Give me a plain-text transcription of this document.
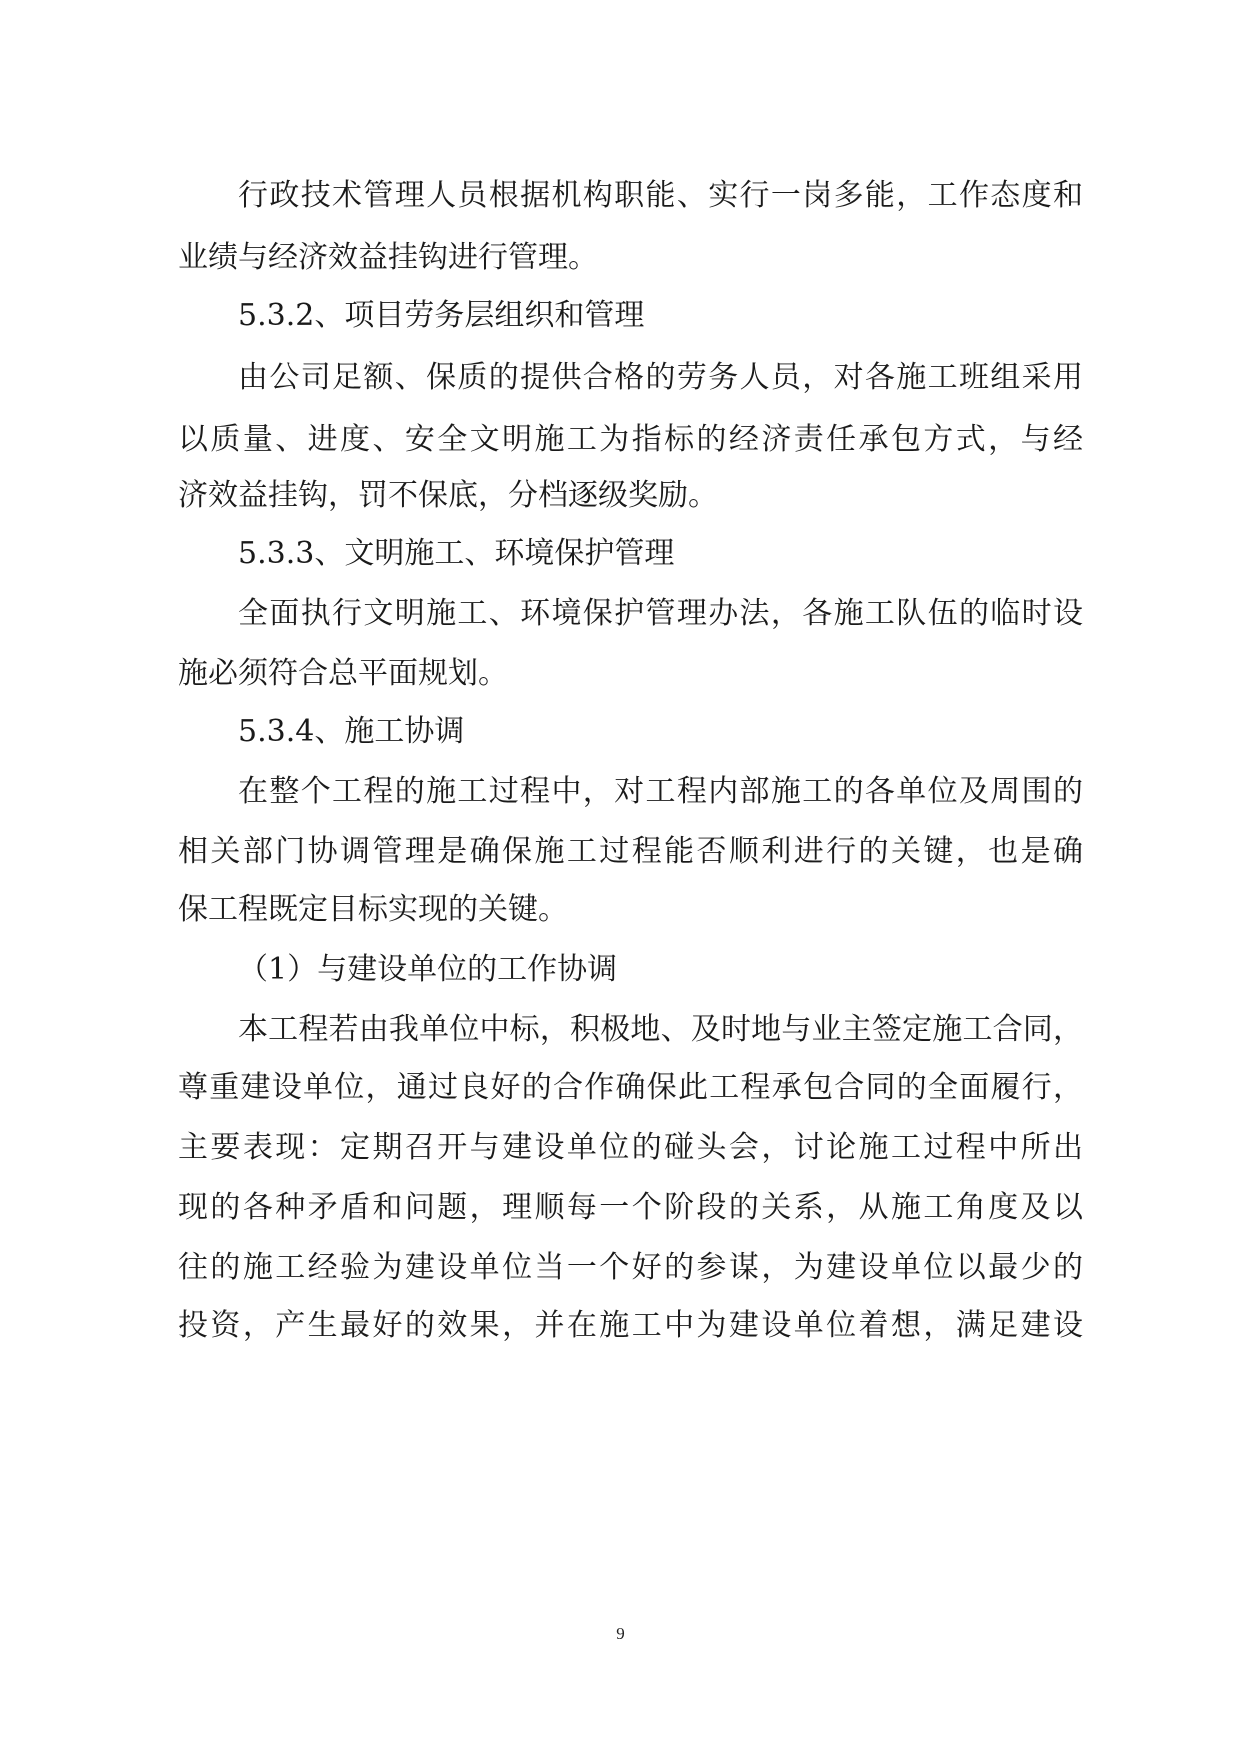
行政技术管理人员根据机构职能、实行一岗多能，工作态度和
业绩与经济效益挂钩进行管理。
5.3.2、项目劳务层组织和管理
由公司足额、保质的提供合格的劳务人员，对各施工班组采用
以质量、进度、安全文明施工为指标的经济责任承包方式，与经
济效益挂钩，罚不保底，分档逐级奖励。
5.3.3、文明施工、环境保护管理
全面执行文明施工、环境保护管理办法，各施工队伍的临时设
施必须符合总平面规划。
5.3.4、施工协调
在整个工程的施工过程中，对工程内部施工的各单位及周围的
相关部门协调管理是确保施工过程能否顺利进行的关键，也是确
保工程既定目标实现的关键。
（1）与建设单位的工作协调
本工程若由我单位中标，积极地、及时地与业主签定施工合同，
尊重建设单位，通过良好的合作确保此工程承包合同的全面履行，
主要表现：定期召开与建设单位的碰头会，讨论施工过程中所出
现的各种矛盾和问题，理顺每一个阶段的关系，从施工角度及以
往的施工经验为建设单位当一个好的参谋，为建设单位以最少的
投资，产生最好的效果，并在施工中为建设单位着想，满足建设
9
